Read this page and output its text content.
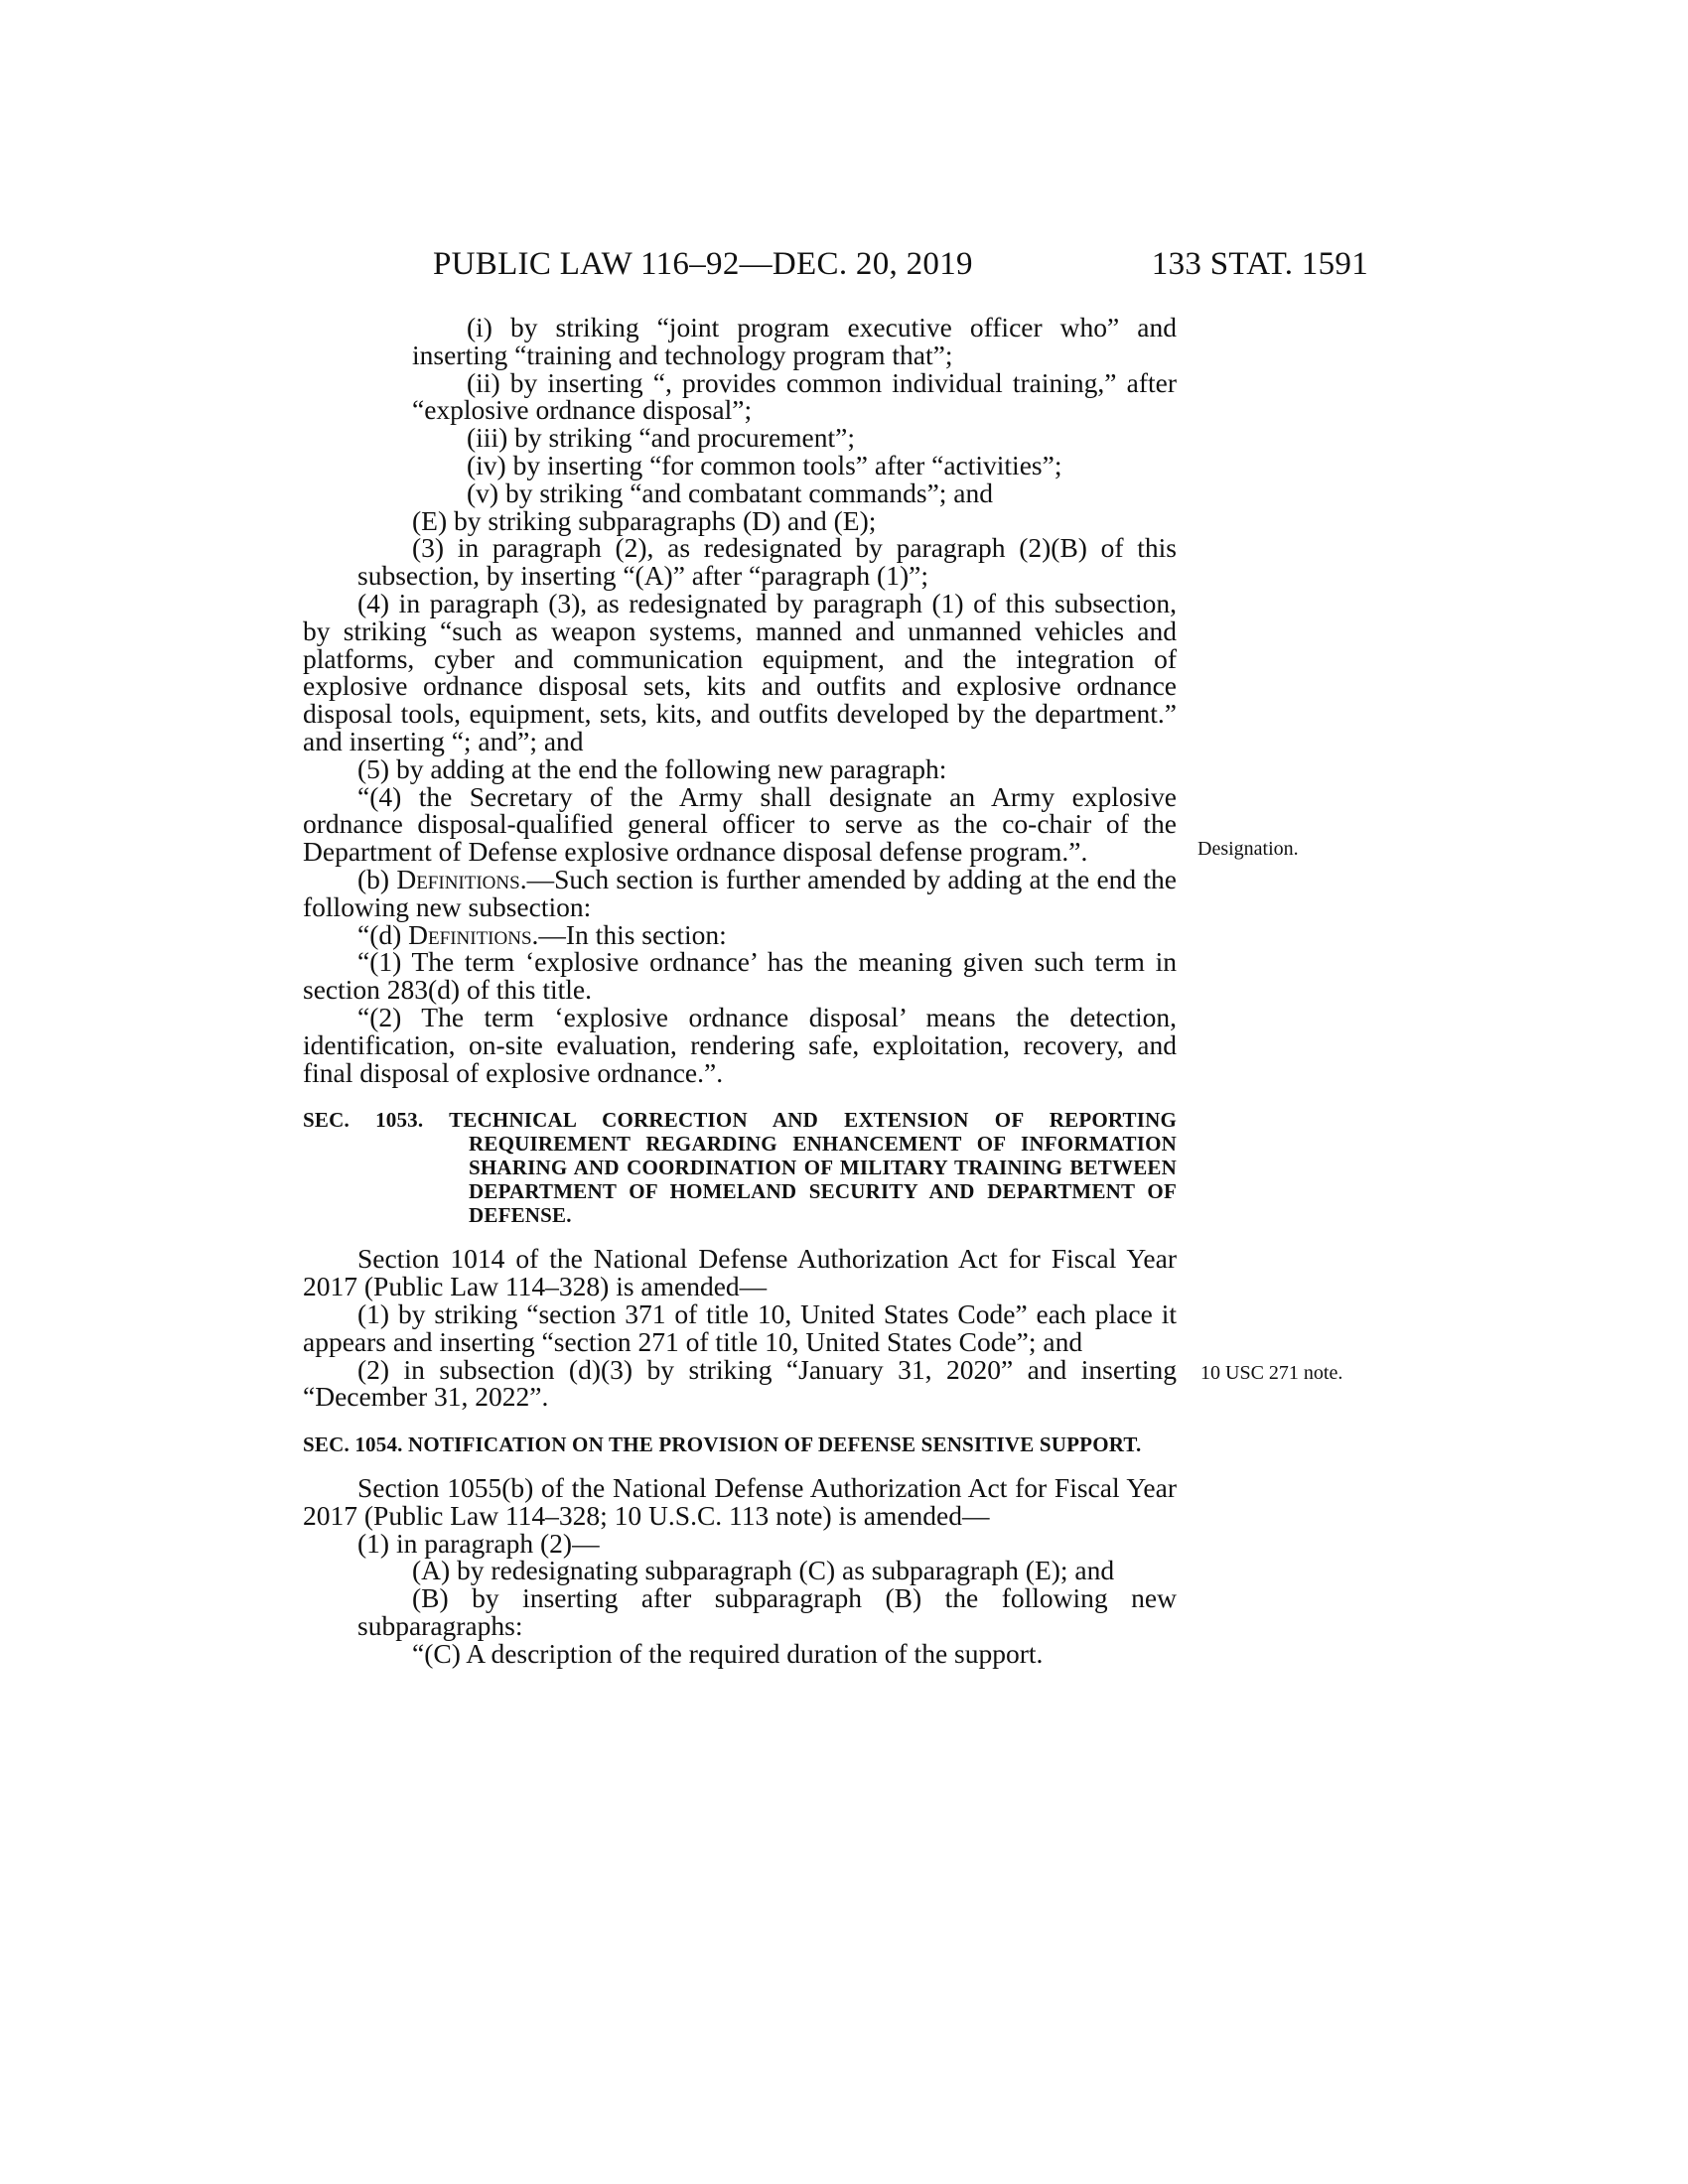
PUBLIC LAW 116–92—DEC. 20, 2019	133 STAT. 1591
Designation.
10 USC 271 note.

(i) by striking “joint program executive officer who” and inserting “training and technology program that”;

(ii) by inserting “, provides common individual training,” after “explosive ordnance disposal”;

(iii) by striking “and procurement”;

(iv) by inserting “for common tools” after “activities”;

(v) by striking “and combatant commands”; and

(E) by striking subparagraphs (D) and (E);

(3) in paragraph (2), as redesignated by paragraph (2)(B) of this subsection, by inserting “(A)” after “paragraph (1)”;

(4) in paragraph (3), as redesignated by paragraph (1) of this subsection, by striking “such as weapon systems, manned and unmanned vehicles and platforms, cyber and communication equipment, and the integration of explosive ordnance disposal sets, kits and outfits and explosive ordnance disposal tools, equipment, sets, kits, and outfits developed by the department.” and inserting “; and”; and

(5) by adding at the end the following new paragraph:

“(4) the Secretary of the Army shall designate an Army explosive ordnance disposal-qualified general officer to serve as the co-chair of the Department of Defense explosive ordnance disposal defense program.”.

(b) Definitions.—Such section is further amended by adding at the end the following new subsection:

“(d) Definitions.—In this section:

“(1) The term ‘explosive ordnance’ has the meaning given such term in section 283(d) of this title.

“(2) The term ‘explosive ordnance disposal’ means the detection, identification, on-site evaluation, rendering safe, exploitation, recovery, and final disposal of explosive ordnance.”.

SEC. 1053. TECHNICAL CORRECTION AND EXTENSION OF REPORTING REQUIREMENT REGARDING ENHANCEMENT OF INFORMATION SHARING AND COORDINATION OF MILITARY TRAINING BETWEEN DEPARTMENT OF HOMELAND SECURITY AND DEPARTMENT OF DEFENSE.

Section 1014 of the National Defense Authorization Act for Fiscal Year 2017 (Public Law 114–328) is amended—

(1) by striking “section 371 of title 10, United States Code” each place it appears and inserting “section 271 of title 10, United States Code”; and

(2) in subsection (d)(3) by striking “January 31, 2020” and inserting “December 31, 2022”.

SEC. 1054. NOTIFICATION ON THE PROVISION OF DEFENSE SENSITIVE SUPPORT.

Section 1055(b) of the National Defense Authorization Act for Fiscal Year 2017 (Public Law 114–328; 10 U.S.C. 113 note) is amended—

(1) in paragraph (2)—

(A) by redesignating subparagraph (C) as subparagraph (E); and

(B) by inserting after subparagraph (B) the following new subparagraphs:

“(C) A description of the required duration of the support.
